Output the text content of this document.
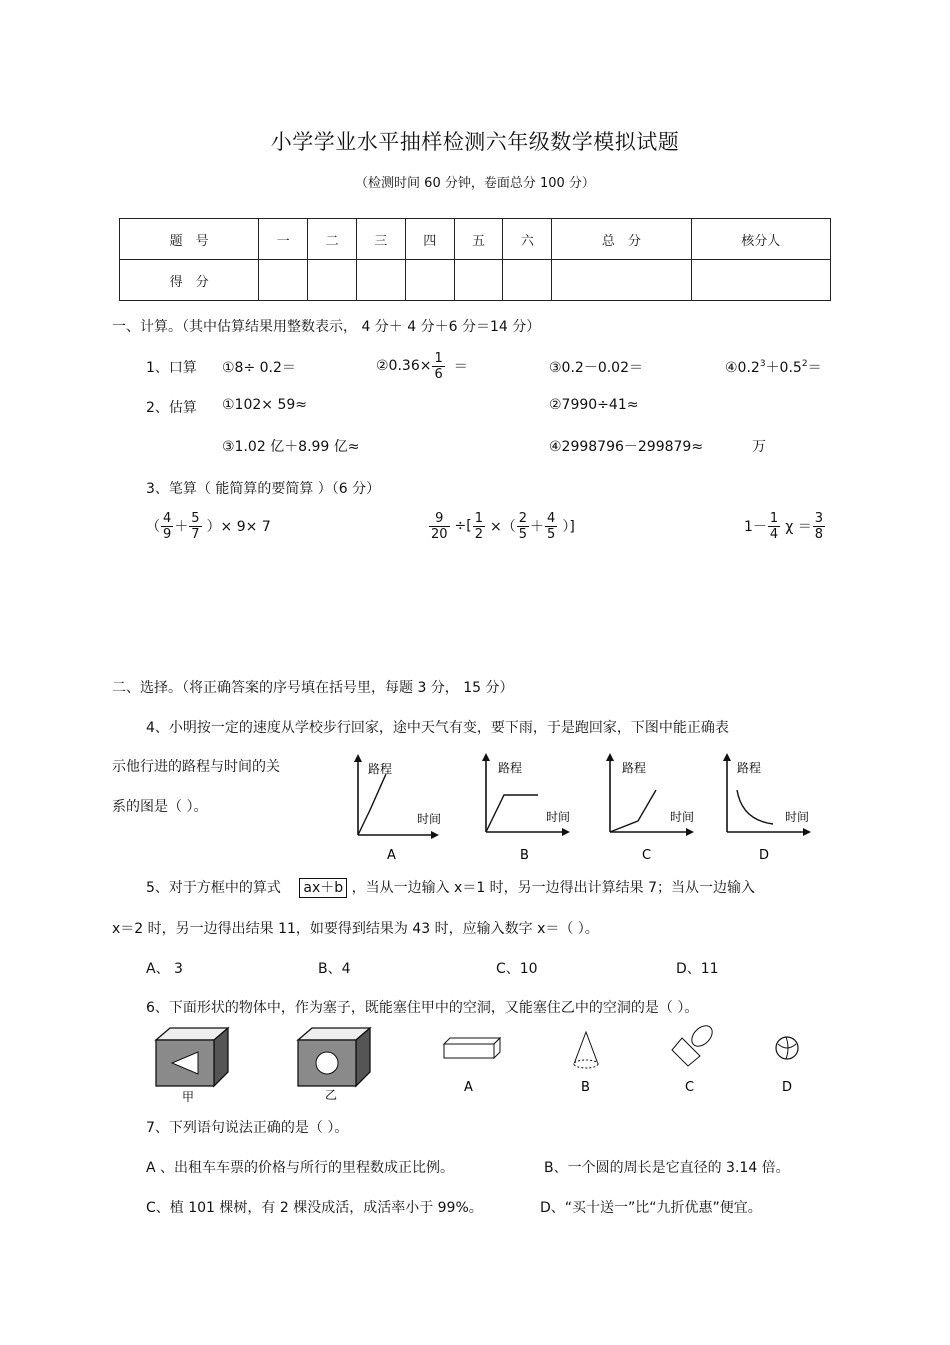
小学学业水平抽样检测六年级数学模拟试题
（检测时间 60 分钟，卷面总分 100 分）
题　号	一	二	三	四	五	六	总　分	核分人
得　分								
一、计算。（其中估算结果用整数表示， 4 分＋ 4 分＋6 分＝14 分）
1、口算 ①8÷ 0.2＝	②0.36× $\frac{1}{6}$ ＝	③0.2－0.02＝	$④0.2^3+0.5^2=$
2、估算 ①102× 59≈	②7990÷41≈
③1.02 亿＋8.99 亿≈	④2998796－299879≈	万
3、笔算（ 能简算的要简算 ）（6 分）
（ $\frac{4}{9} + \frac{5}{7}$ ）× 9× 7	$\frac{9}{20}$ ÷[ $\frac{1}{2}$ ×（ $\frac{2}{5} + \frac{4}{5}$ ）]	$1- \frac{1}{4}$ $\chi = \frac{3}{8}$
二、选择。（将正确答案的序号填在括号里，每题 3 分， 15 分）
4、小明按一定的速度从学校步行回家，途中天气有变，要下雨，于是跑回家，下图中能正确表
示他行进的路程与时间的关
系的图是（ ）。
路程
时间
A
路程
时间
B
路程
时间
C
路程
时间
D
5、对于方框中的算式 ax＋b ，当从一边输入 x＝1 时，另一边得出计算结果 7；当从一边输入
x＝2 时，另一边得出结果 11，如要得到结果为 43 时，应输入数字 x＝（ ）。
A、 3	B、4	C、10	D、11
6、下面形状的物体中，作为塞子，既能塞住甲中的空洞，又能塞住乙中的空洞的是（ ）。
甲	乙	A	B	C	D
7、下列语句说法正确的是（ ）。
A 、出租车车票的价格与所行的里程数成正比例。	B、一个圆的周长是它直径的 3.14 倍。
C、植 101 棵树，有 2 棵没成活，成活率小于 99%。	D、“买十送一”比“九折优惠”便宜。
